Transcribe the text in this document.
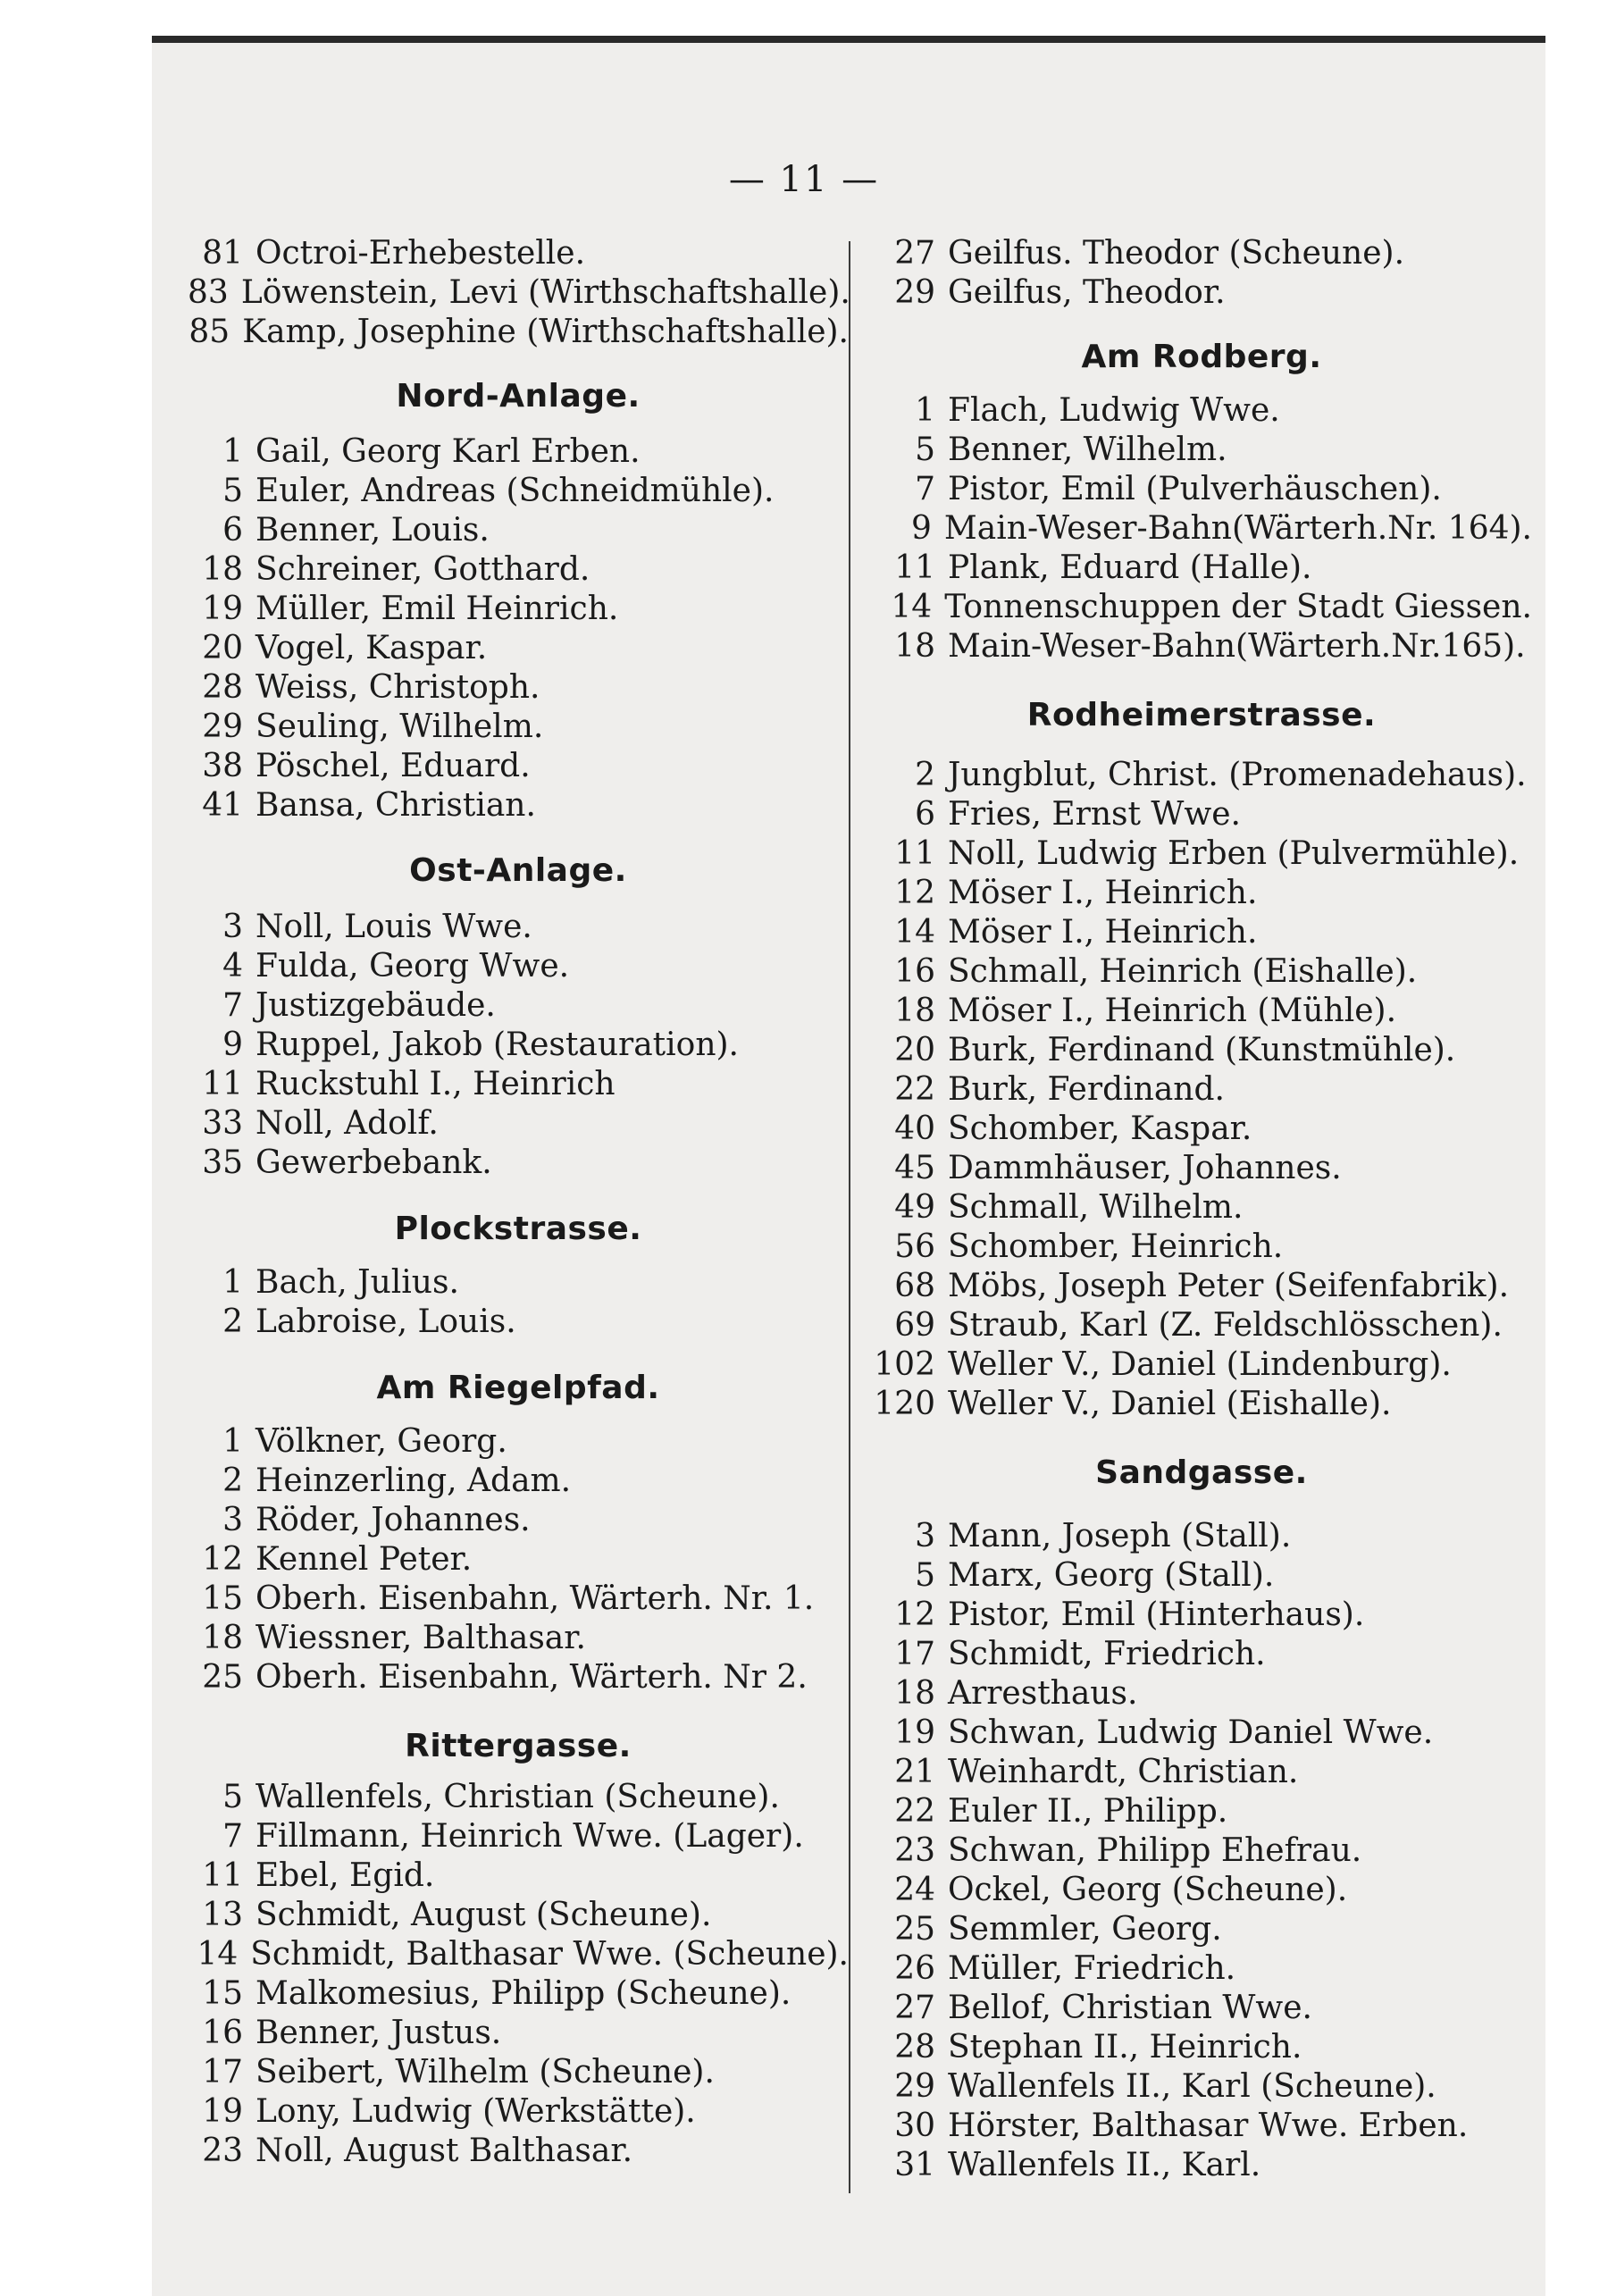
— 11 —
81 Octroi-Erhebestelle.
83 Löwenstein, Levi (Wirthschaftshalle).
85 Kamp, Josephine (Wirthschaftshalle).
Nord-Anlage.
1 Gail, Georg Karl Erben.
5 Euler, Andreas (Schneidmühle).
6 Benner, Louis.
18 Schreiner, Gotthard.
19 Müller, Emil Heinrich.
20 Vogel, Kaspar.
28 Weiss, Christoph.
29 Seuling, Wilhelm.
38 Pöschel, Eduard.
41 Bansa, Christian.
Ost-Anlage.
3 Noll, Louis Wwe.
4 Fulda, Georg Wwe.
7 Justizgebäude.
9 Ruppel, Jakob (Restauration).
11 Ruckstuhl I., Heinrich
33 Noll, Adolf.
35 Gewerbebank.
Plockstrasse.
1 Bach, Julius.
2 Labroise, Louis.
Am Riegelpfad.
1 Völkner, Georg.
2 Heinzerling, Adam.
3 Röder, Johannes.
12 Kennel Peter.
15 Oberh. Eisenbahn, Wärterh. Nr. 1.
18 Wiessner, Balthasar.
25 Oberh. Eisenbahn, Wärterh. Nr 2.
Rittergasse.
5 Wallenfels, Christian (Scheune).
7 Fillmann, Heinrich Wwe. (Lager).
11 Ebel, Egid.
13 Schmidt, August (Scheune).
14 Schmidt, Balthasar Wwe. (Scheune).
15 Malkomesius, Philipp (Scheune).
16 Benner, Justus.
17 Seibert, Wilhelm (Scheune).
19 Lony, Ludwig (Werkstätte).
23 Noll, August Balthasar.
27 Geilfus. Theodor (Scheune).
29 Geilfus, Theodor.
Am Rodberg.
1 Flach, Ludwig Wwe.
5 Benner, Wilhelm.
7 Pistor, Emil (Pulverhäuschen).
9 Main-Weser-Bahn(Wärterh.Nr. 164).
11 Plank, Eduard (Halle).
14 Tonnenschuppen der Stadt Giessen.
18 Main-Weser-Bahn(Wärterh.Nr.165).
Rodheimerstrasse.
2 Jungblut, Christ. (Promenadehaus).
6 Fries, Ernst Wwe.
11 Noll, Ludwig Erben (Pulvermühle).
12 Möser I., Heinrich.
14 Möser I., Heinrich.
16 Schmall, Heinrich (Eishalle).
18 Möser I., Heinrich (Mühle).
20 Burk, Ferdinand (Kunstmühle).
22 Burk, Ferdinand.
40 Schomber, Kaspar.
45 Dammhäuser, Johannes.
49 Schmall, Wilhelm.
56 Schomber, Heinrich.
68 Möbs, Joseph Peter (Seifenfabrik).
69 Straub, Karl (Z. Feldschlösschen).
102 Weller V., Daniel (Lindenburg).
120 Weller V., Daniel (Eishalle).
Sandgasse.
3 Mann, Joseph (Stall).
5 Marx, Georg (Stall).
12 Pistor, Emil (Hinterhaus).
17 Schmidt, Friedrich.
18 Arresthaus.
19 Schwan, Ludwig Daniel Wwe.
21 Weinhardt, Christian.
22 Euler II., Philipp.
23 Schwan, Philipp Ehefrau.
24 Ockel, Georg (Scheune).
25 Semmler, Georg.
26 Müller, Friedrich.
27 Bellof, Christian Wwe.
28 Stephan II., Heinrich.
29 Wallenfels II., Karl (Scheune).
30 Hörster, Balthasar Wwe. Erben.
31 Wallenfels II., Karl.
